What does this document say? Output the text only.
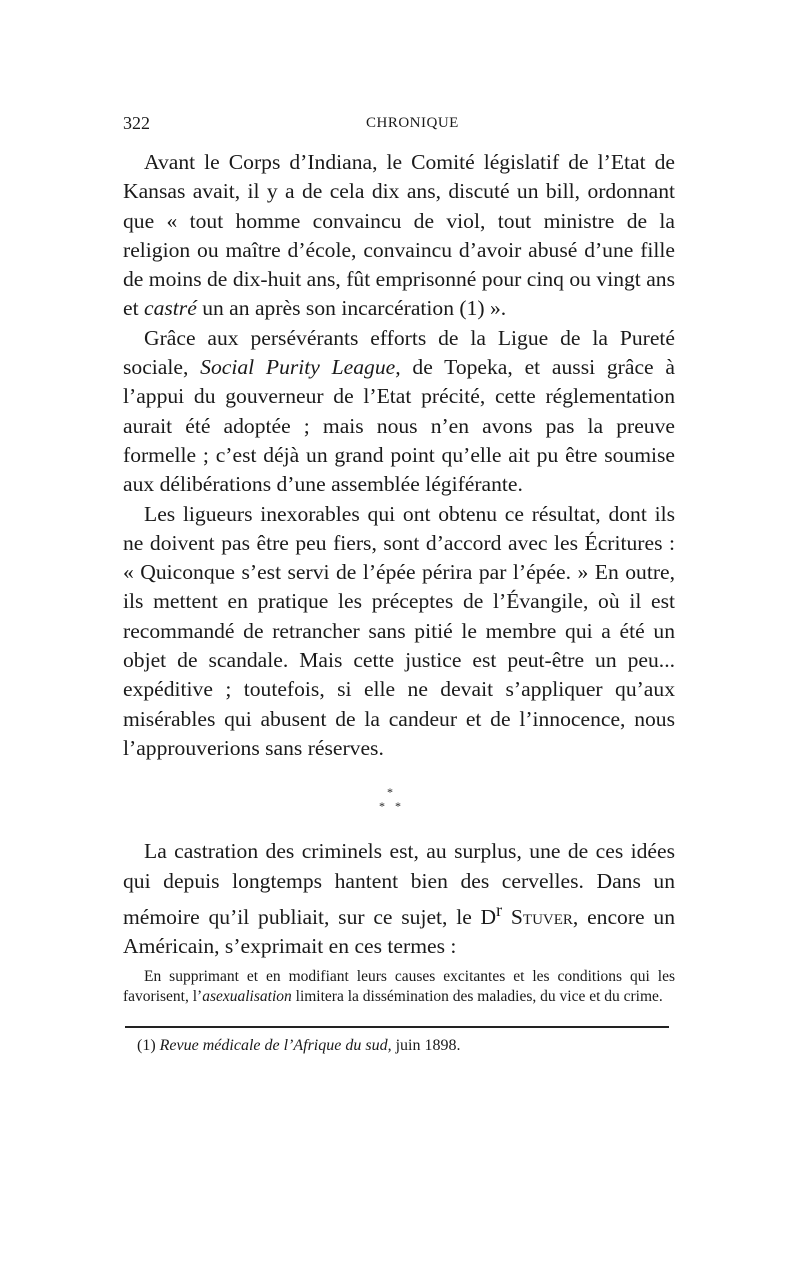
322	CHRONIQUE

Avant le Corps d’Indiana, le Comité législatif de l’Etat de Kansas avait, il y a de cela dix ans, discuté un bill, ordonnant que « tout homme convaincu de viol, tout ministre de la religion ou maître d’école, convaincu d’avoir abusé d’une fille de moins de dix-huit ans, fût emprisonné pour cinq ou vingt ans et castré un an après son incarcération (1) ».

Grâce aux persévérants efforts de la Ligue de la Pureté sociale, Social Purity League, de Topeka, et aussi grâce à l’appui du gouverneur de l’Etat précité, cette réglementation aurait été adoptée ; mais nous n’en avons pas la preuve formelle ; c’est déjà un grand point qu’elle ait pu être soumise aux délibérations d’une assemblée légiférante.

Les ligueurs inexorables qui ont obtenu ce résultat, dont ils ne doivent pas être peu fiers, sont d’accord avec les Écritures : « Quiconque s’est servi de l’épée périra par l’épée. » En outre, ils mettent en pratique les préceptes de l’Évangile, où il est recommandé de retrancher sans pitié le membre qui a été un objet de scandale. Mais cette justice est peut-être un peu... expéditive ; toutefois, si elle ne devait s’appliquer qu’aux misérables qui abusent de la candeur et de l’innocence, nous l’approuverions sans réserves.

*
* *

La castration des criminels est, au surplus, une de ces idées qui depuis longtemps hantent bien des cervelles. Dans un mémoire qu’il publiait, sur ce sujet, le $D^r$ Stuver, encore un Américain, s’exprimait en ces termes :

En supprimant et en modifiant leurs causes excitantes et les conditions qui les favorisent, l’asexualisation limitera la dissémination des maladies, du vice et du crime.

(1) Revue médicale de l’Afrique du sud, juin 1898.
